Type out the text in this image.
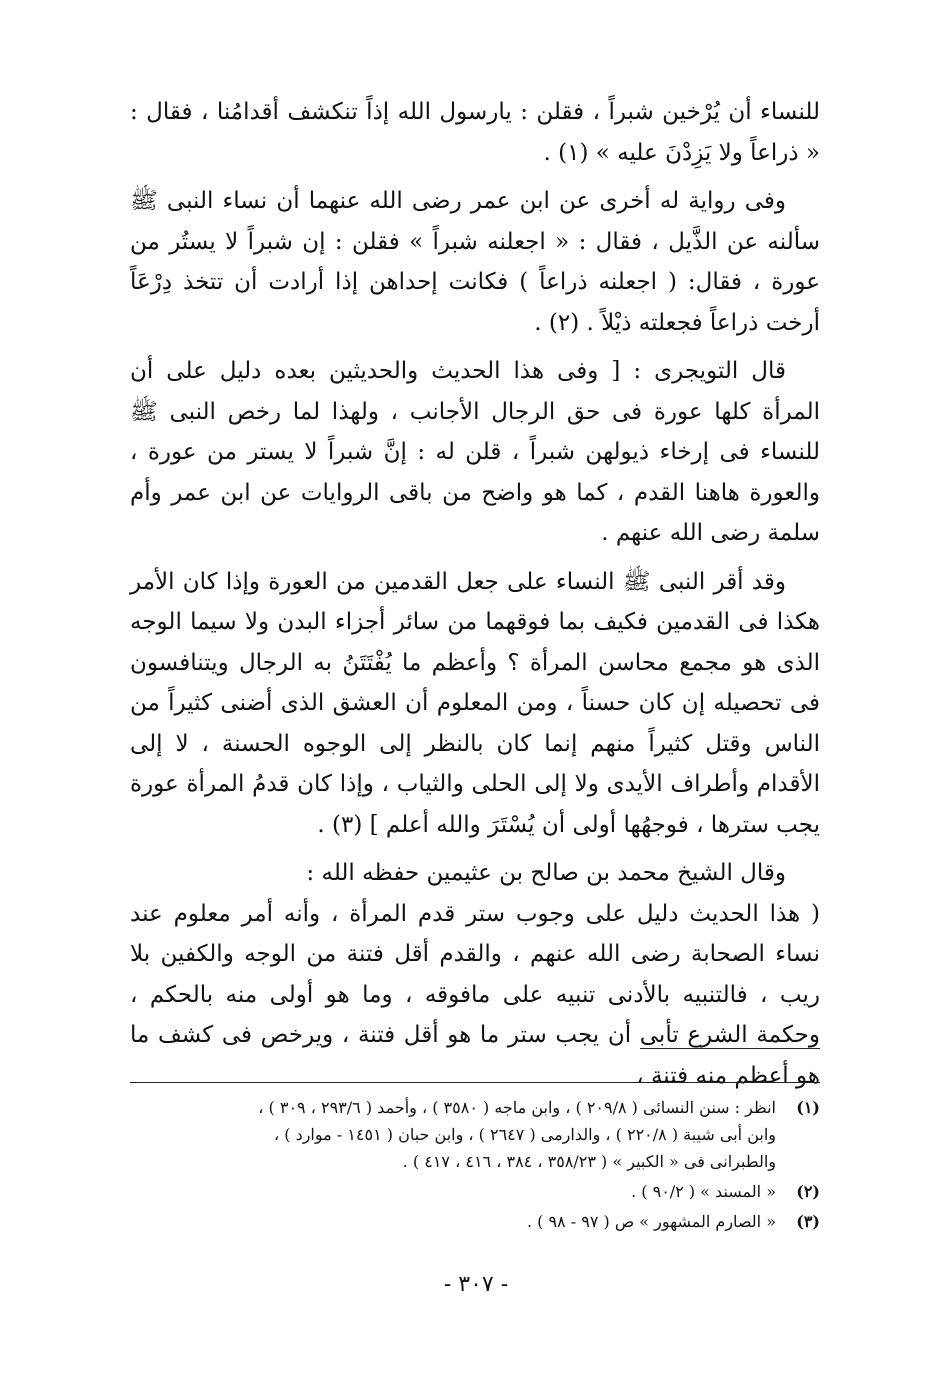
للنساء أن يُرْخين شبراً ، فقلن : يارسول الله إذاً تنكشف أقدامُنا ، فقال : « ذراعاً ولا يَزِدْنَ عليه » (١) .

وفى رواية له أخرى عن ابن عمر رضى الله عنهما أن نساء النبى ﷺ سألنه عن الذَّيل ، فقال : « اجعلنه شبراً » فقلن : إن شبراً لا يستُر من عورة ، فقال: ( اجعلنه ذراعاً ) فكانت إحداهن إذا أرادت أن تتخذ دِرْعَاً أرخت ذراعاً فجعلته ذيْلاً . (٢) .

قال التويجرى : [ وفى هذا الحديث والحديثين بعده دليل على أن المرأة كلها عورة فى حق الرجال الأجانب ، ولهذا لما رخص النبى ﷺ للنساء فى إرخاء ذيولهن شبراً ، قلن له : إنَّ شبراً لا يستر من عورة ، والعورة هاهنا القدم ، كما هو واضح من باقى الروايات عن ابن عمر وأم سلمة رضى الله عنهم .

وقد أقر النبى ﷺ النساء على جعل القدمين من العورة وإذا كان الأمر هكذا فى القدمين فكيف بما فوقهما من سائر أجزاء البدن ولا سيما الوجه الذى هو مجمع محاسن المرأة ؟ وأعظم ما يُفْتَتَنُ به الرجال ويتنافسون فى تحصيله إن كان حسناً ، ومن المعلوم أن العشق الذى أضنى كثيراً من الناس وقتل كثيراً منهم إنما كان بالنظر إلى الوجوه الحسنة ، لا إلى الأقدام وأطراف الأيدى ولا إلى الحلى والثياب ، وإذا كان قدمُ المرأة عورة يجب سترها ، فوجهُها أولى أن يُسْتَرَ والله أعلم ] (٣) .

وقال الشيخ محمد بن صالح بن عثيمين حفظه الله :

( هذا الحديث دليل على وجوب ستر قدم المرأة ، وأنه أمر معلوم عند نساء الصحابة رضى الله عنهم ، والقدم أقل فتنة من الوجه والكفين بلا ريب ، فالتنبيه بالأدنى تنبيه على مافوقه ، وما هو أولى منه بالحكم ، وحكمة الشرع تأبى أن يجب ستر ما هو أقل فتنة ، ويرخص فى كشف ما هو أعظم منه فتنة ،

(١)
انظر : سنن النسائى ( ٢٠٩/٨ ) ، وابن ماجه ( ٣٥٨٠ ) ، وأحمد ( ٢٩٣/٦ ، ٣٠٩ ) ،
وابن أبى شيبة ( ٢٢٠/٨ ) ، والدارمى ( ٢٦٤٧ ) ، وابن حبان ( ١٤٥١ - موارد ) ،
والطبرانى فى « الكبير » ( ٣٥٨/٢٣ ، ٣٨٤ ، ٤١٦ ، ٤١٧ ) .
(٢)
« المسند » ( ٩٠/٢ ) .
(٣)
« الصارم المشهور » ص ( ٩٧ - ٩٨ ) .
- ٣٠٧ -
